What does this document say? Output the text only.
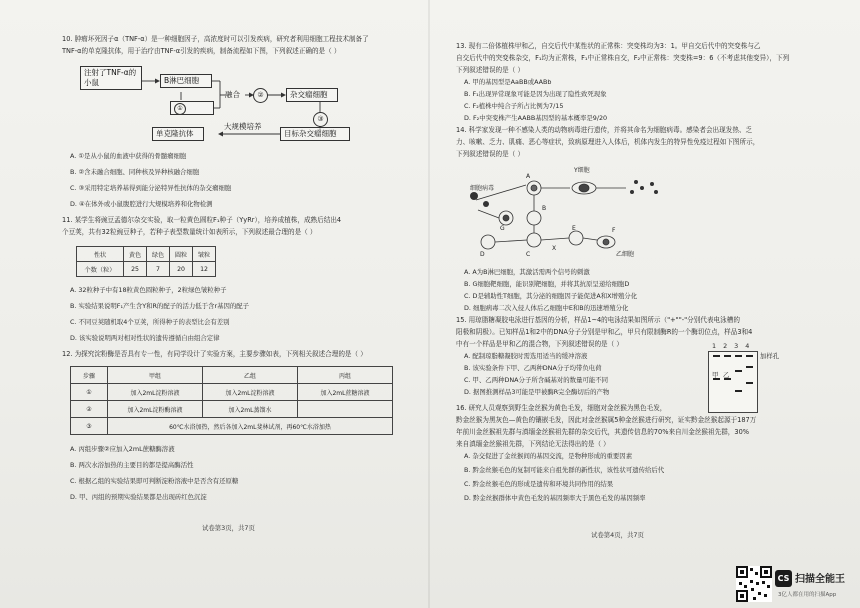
10. 肿瘤坏死因子α（TNF-α）是一种细胞因子，高浓度时可以引发疾病，研究者利用细胞工程技术制备了
TNF-α的单克隆抗体，用于治疗由TNF-α引发的疾病，制备流程如下图，下列叙述正确的是（ ）
注射了TNF-α的小鼠	B淋巴细胞
融合	②	杂交瘤细胞
①
③
目标杂交瘤细胞
大规模培养
单克隆抗体
A. ①是从小鼠的血液中获得的骨髓瘤细胞
B. ②含未融合细胞、同种核及异种核融合细胞
C. ③采用特定培养基得到能分泌特异性抗体的杂交瘤细胞
D. ④在体外或小鼠腹腔进行大规模培养和化物检测
11. 某学生将豌豆孟德尔杂交实验，取一粒黄色圆粒F₁种子（YyRr），培养成植株，成熟后结出4
个豆荚，共有32粒豌豆种子，若种子表型数量统计如表所示，下列叙述最合理的是（ ）
性状	黄色	绿色	圆粒	皱粒
个数（粒）	25	7	20	12
A. 32粒种子中有18粒黄色圆粒种子，2粒绿色皱粒种子
B. 实验结果说明F₁产生含Y和R的配子的活力低于含r基因的配子
C. 不同豆荚随机取4个豆荚，所得种子的表型比会有差别
D. 该实验说明两对相对性状的遗传遵循自由组合定律
12. 为探究淀粉酶是否具有专一性，有同学设计了实验方案，主要步骤如表，下列相关叙述合理的是（ ）
步骤	甲组	乙组	丙组
①	加入2mL淀粉溶液	加入2mL淀粉溶液	加入2mL蔗糖溶液
②	加入2mL淀粉酶溶液	加入2mL蒸馏水	
③	60℃水浴加热，然后各加入2mL斐林试剂，再60℃水浴加热		
A. 丙组步骤②应加入2mL蔗糖酶溶液
B. 两次水浴加热的主要目的都是提高酶活性
C. 根据乙组的实验结果即可判断淀粉溶液中是否含有还原糖
D. 甲、丙组的预期实验结果都是出现砖红色沉淀
试卷第3页，共7页
13. 现有二倍体植株甲和乙，自交后代中某性状的正常株：突变株均为3：1。甲自交后代中的突变株与乙
自交后代中的突变株杂交，F₁均为正常株，F₁中正常株自交，F₂中正常株：突变株=9：6（不考虑其他变异），下列
下列叙述错误的是（ ）
A. 甲的基因型是AaBB或AABb
B. F₁出现异常现象可能是因为出现了隐性致死现象
C. F₂植株中纯合子所占比例为7/15
D. F₂中突变株产生AABB基因型的基本概率是9/20
14. 科学家发现一种不感染人类的动物病毒进行遗传，并将其命名为细胞病毒。感染者会出现发热、乏
力、咳嗽、乏力、肌痛、恶心等症状，致病原理进入人体后，机体内发生的特异性免疫过程如下图所示，
下列叙述错误的是（ ）
细胞病毒
Y细胞
乙细胞
A
B
C
D
E	F
G
X
A. A为B淋巴细胞，其激活需两个信号的刺激
B. G细胞靶细胞，能识别靶细胞，并将其抗原呈递给细胞D
C. D是辅助性T细胞，其分泌的细胞因子能促进A和X增殖分化
D. 细胞病毒二次入侵人体后乙细胞中E和B的迅速增殖分化
15. 用琼脂糖凝胶电泳进行基因的分析，样品1~4的电泳结果如图所示（"+""-"分别代表电泳槽的
阳极和阴极）。已知样品1和2中的DNA分子分别是甲和乙，甲只有限制酶R的一个酶切位点，样品3和4
中有一个样品是甲和乙的混合物，下列叙述错误的是（ ）
A. 配制琼脂糖凝胶时需选用适当的缓冲溶液
B. 该实验条件下甲、乙两种DNA分子均带负电荷
C. 甲、乙两种DNA分子所含碱基对的数量可能不同
D. 据图推测样品3可能是甲被酶R完全酶切后的产物
16. 研究人员观察到野生金丝猴为黄色毛发，细胞对金丝猴为黑色毛发，
黔金丝猴为黑灰色—黄色的镶嵌毛发，因此对金丝猴属5种金丝猴进行研究，证实黔金丝猴起源于187万
年前川金丝猴祖先群与滇缅金丝猴祖先群的杂交后代，其遗传信息的70%来自川金丝猴祖先群，30%
来自滇缅金丝猴祖先群，下列结论无法得出的是（ ）
A. 杂交促进了金丝猴间的基因交流，是物种形成的重要因素
B. 黔金丝猴毛色的复制可能来自祖先群的新性状，该性状可遗传给后代
C. 黔金丝猴毛色的形成是遗传和环境共同作用的结果
D. 黔金丝猴群体中黄色毛发的基因频率大于黑色毛发的基因频率
试卷第4页，共7页
1234
甲 乙
加样孔
CS 扫描全能王
3亿人都在用的扫描App
